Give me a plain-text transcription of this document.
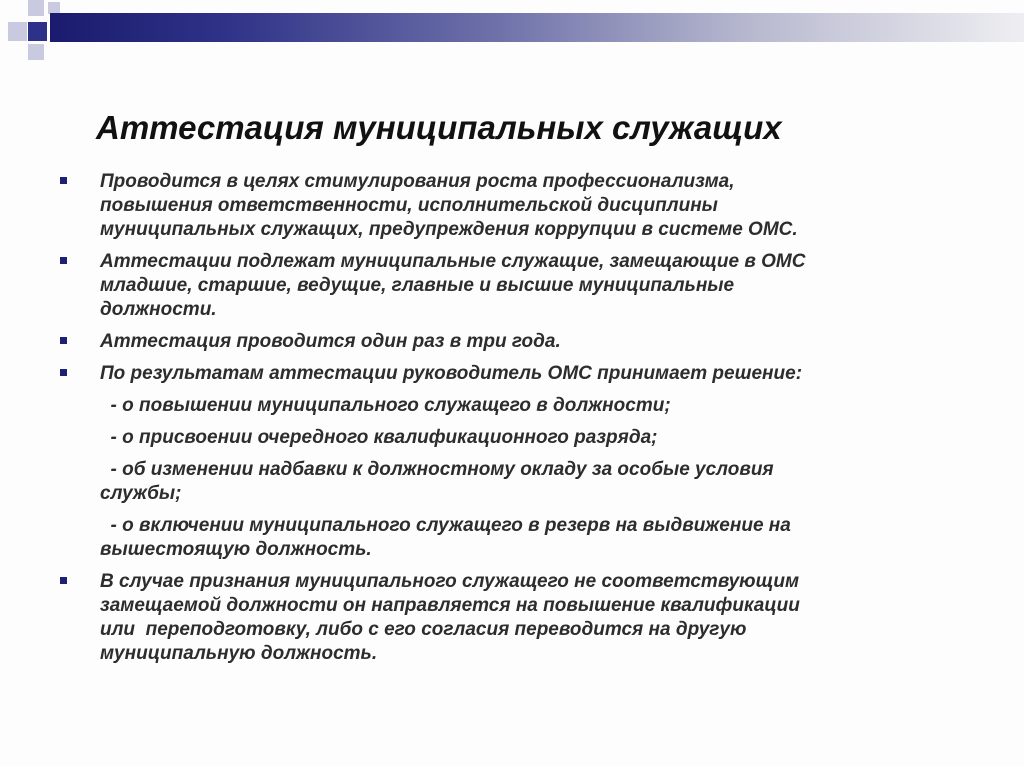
Аттестация муниципальных служащих
Проводится в целях стимулирования роста профессионализма,
повышения ответственности, исполнительской дисциплины
муниципальных служащих, предупреждения коррупции в системе ОМС.
Аттестации подлежат муниципальные служащие, замещающие в ОМС
младшие, старшие, ведущие, главные и высшие муниципальные
должности.
Аттестация проводится один раз в три года.
По результатам аттестации руководитель ОМС принимает решение:
- о повышении муниципального служащего в должности;
- о присвоении очередного квалификационного разряда;
- об изменении надбавки к должностному окладу за особые условия
службы;
- о включении муниципального служащего в резерв на выдвижение на
вышестоящую должность.
В случае признания муниципального служащего не соответствующим
замещаемой должности он направляется на повышение квалификации
или  переподготовку, либо с его согласия переводится на другую
муниципальную должность.
